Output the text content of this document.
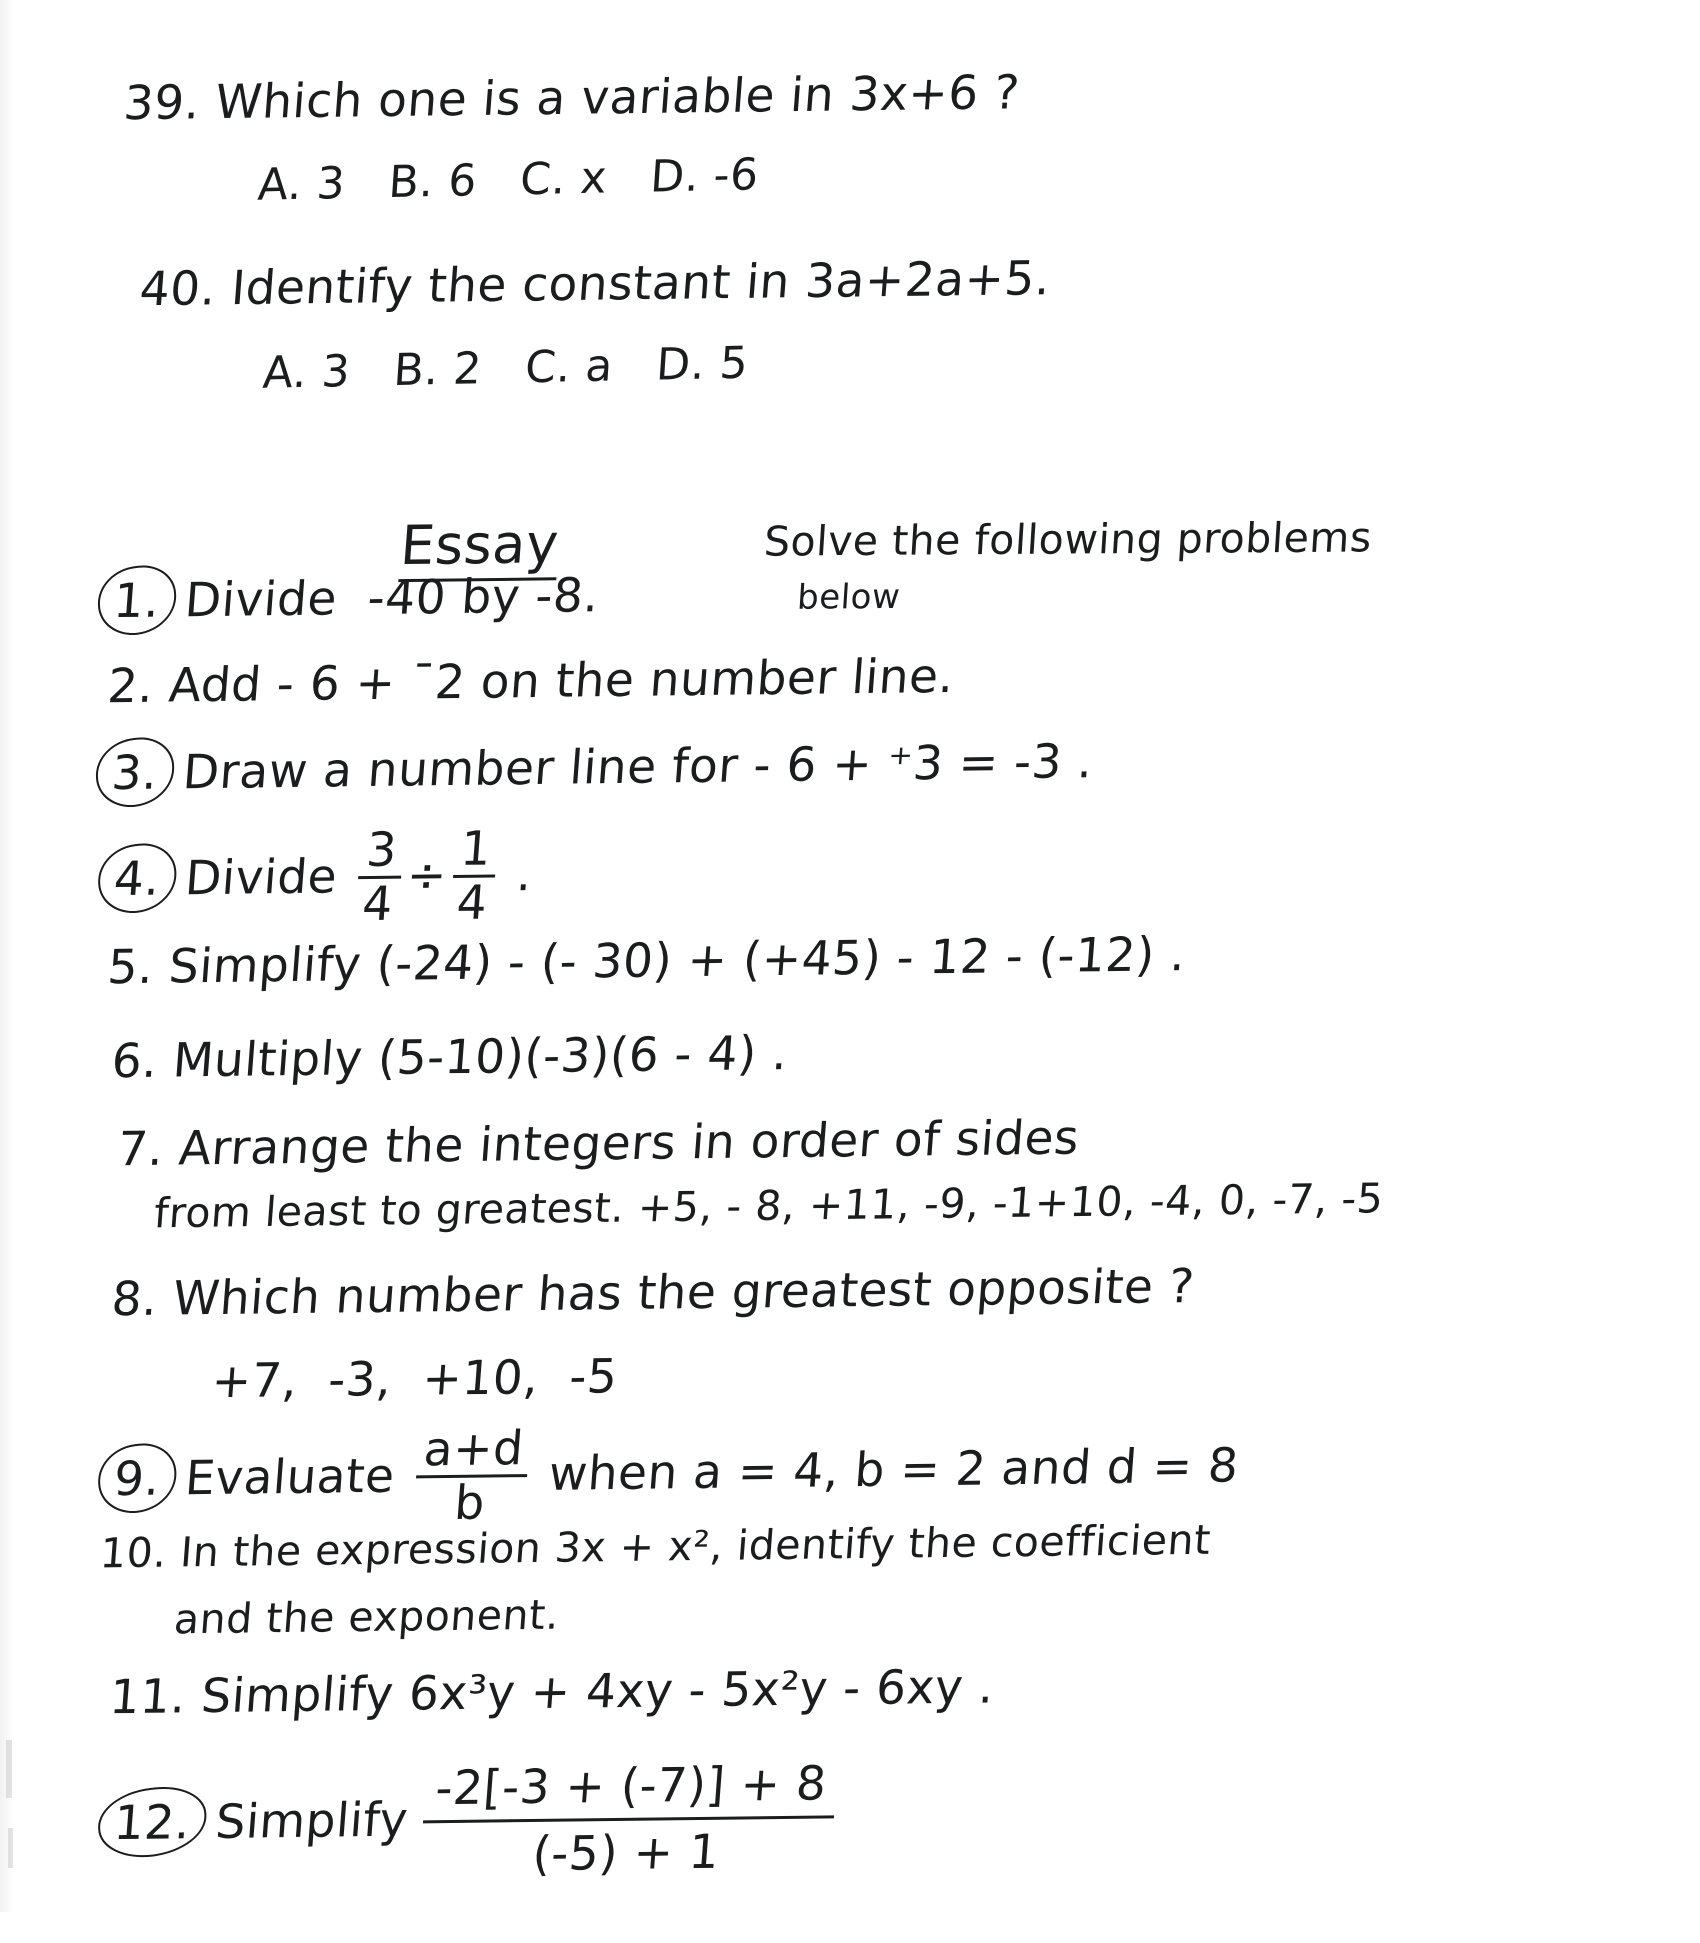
39. Which one is a variable in 3x+6 ?

A. 3   B. 6   C. x   D. -6

40. Identify the constant in 3a+2a+5.

A. 3   B. 2   C. a   D. 5

Essay
	Solve the following problems

below

1. Divide  -40 by -8.

2. Add - 6 + ¯2 on the number line.

3. Draw a number line for - 6 + ⁺3 = -3 .

4. Divide $\frac{3}{4} \div \frac{1}{4}$ .

5. Simplify (-24) - (- 30) + (+45) - 12 - (-12) .

6. Multiply (5-10)(-3)(6 - 4) .

7. Arrange the integers in order of sides

from least to greatest. +5, - 8, +11, -9, -1+10, -4, 0, -7, -5

8. Which number has the greatest opposite ?

+7,  -3,  +10,  -5

9. Evaluate $\frac{a+d}{b}$ when a = 4, b = 2 and d = 8

10. In the expression 3x + x², identify the coefficient

and the exponent.

11. Simplify 6x³y + 4xy - 5x²y - 6xy .

12. Simplify
$\frac{-2[-3 + (-7)] + 8}{(-5) + 1}$
